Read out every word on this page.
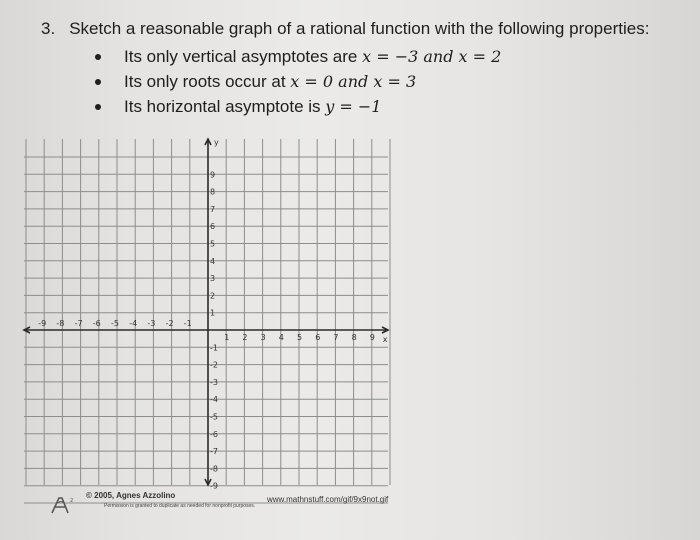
3. Sketch a reasonable graph of a rational function with the following properties:
Its only vertical asymptotes are x = −3 and x = 2
Its only roots occur at x = 0 and x = 3
Its horizontal asymptote is y = −1
x
y
-9 -8 -7 -6 -5 -4 -3 -2 -1
1 2 3 4 5 6 7 8 9
9
8
7
6
5
4
3
2
1
-1
-2
-3
-4
-5
-6
-7
-8
-9
2
© 2005, Agnes Azzolino	www.mathnstuff.com/gif/9x9not.gif
Permission is granted to duplicate as needed for nonprofit purposes.
